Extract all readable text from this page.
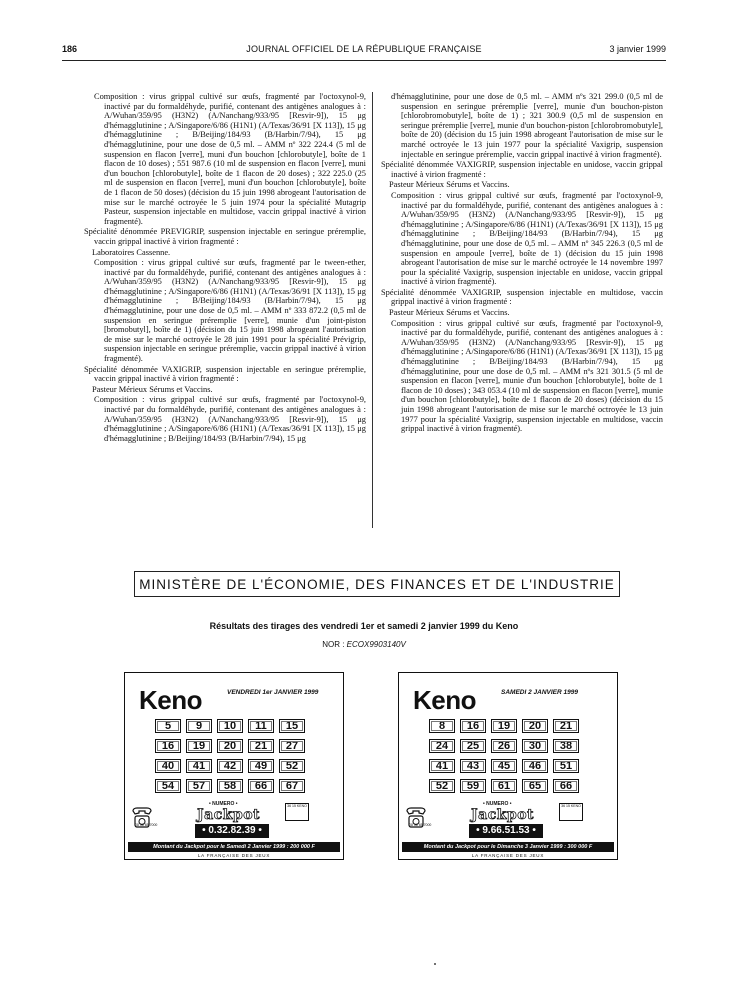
186	JOURNAL OFFICIEL DE LA RÉPUBLIQUE FRANÇAISE	3 janvier 1999

Composition : virus grippal cultivé sur œufs, fragmenté par l'octoxynol-9, inactivé par du formaldéhyde, purifié, contenant des antigènes analogues à : A/Wuhan/359/95 (H3N2) (A/Nanchang/933/95 [Resvir-9]), 15 μg d'hémagglutinine ; A/Singapore/6/86 (H1N1) (A/Texas/36/91 [X 113]), 15 μg d'hémagglutinine ; B/Beijing/184/93 (B/Harbin/7/94), 15 μg d'hémagglutinine, pour une dose de 0,5 ml. – AMM nº 322 224.4 (5 ml de suspension en flacon [verre], muni d'un bouchon [chlorobutyle], boîte de 1 flacon de 10 doses) ; 551 987.6 (10 ml de suspension en flacon [verre], muni d'un bouchon [chlorobutyle], boîte de 1 flacon de 20 doses) ; 322 225.0 (25 ml de suspension en flacon [verre], muni d'un bouchon [chlorobutyle], boîte de 1 flacon de 50 doses) (décision du 15 juin 1998 abrogeant l'autorisation de mise sur le marché octroyée le 5 juin 1974 pour la spécialité Mutagrip Pasteur, suspension injectable en multidose, vaccin grippal inactivé à virion fragmenté).

Spécialité dénommée PREVIGRIP, suspension injectable en seringue préremplie, vaccin grippal inactivé à virion fragmenté :

Laboratoires Cassenne.

Composition : virus grippal cultivé sur œufs, fragmenté par le tween-ether, inactivé par du formaldéhyde, purifié, contenant des antigènes analogues à : A/Wuhan/359/95 (H3N2) (A/Nanchang/933/95 [Resvir-9]), 15 μg d'hémagglutinine ; A/Singapore/6/86 (H1N1) (A/Texas/36/91 [X 113]), 15 μg d'hémagglutinine ; B/Beijing/184/93 (B/Harbin/7/94), 15 μg d'hémagglutinine, pour une dose de 0,5 ml. – AMM nº 333 872.2 (0,5 ml de suspension en seringue préremplie [verre], munie d'un joint-piston [bromobutyl], boîte de 1) (décision du 15 juin 1998 abrogeant l'autorisation de mise sur le marché octroyée le 28 juin 1991 pour la spécialité Prévigrip, suspension injectable en seringue préremplie, vaccin grippal inactivé à virion fragmenté).

Spécialité dénommée VAXIGRIP, suspension injectable en seringue préremplie, vaccin grippal inactivé à virion fragmenté :

Pasteur Mérieux Sérums et Vaccins.

Composition : virus grippal cultivé sur œufs, fragmenté par l'octoxynol-9, inactivé par du formaldéhyde, purifié, contenant des antigènes analogues à : A/Wuhan/359/95 (H3N2) (A/Nanchang/933/95 [Resvir-9]), 15 μg d'hémagglutinine ; A/Singapore/6/86 (H1N1) (A/Texas/36/91 [X 113]), 15 μg d'hémagglutinine ; B/Beijing/184/93 (B/Harbin/7/94), 15 μg

d'hémagglutinine, pour une dose de 0,5 ml. – AMM nºs 321 299.0 (0,5 ml de suspension en seringue préremplie [verre], munie d'un bouchon-piston [chlorobromobutyle], boîte de 1) ; 321 300.9 (0,5 ml de suspension en seringue préremplie [verre], munie d'un bouchon-piston [chlorobromobutyle], boîte de 20) (décision du 15 juin 1998 abrogeant l'autorisation de mise sur le marché octroyée le 13 juin 1977 pour la spécialité Vaxigrip, suspension injectable en seringue préremplie, vaccin grippal inactivé à virion fragmenté).

Spécialité dénommée VAXIGRIP, suspension injectable en unidose, vaccin grippal inactivé à virion fragmenté :

Pasteur Mérieux Sérums et Vaccins.

Composition : virus grippal cultivé sur œufs, fragmenté par l'octoxynol-9, inactivé par du formaldéhyde, purifié, contenant des antigènes analogues à : A/Wuhan/359/95 (H3N2) (A/Nanchang/933/95 [Resvir-9]), 15 μg d'hémagglutinine ; A/Singapore/6/86 (H1N1) (A/Texas/36/91 [X 113]), 15 μg d'hémagglutinine ; B/Beijing/184/93 (B/Harbin/7/94), 15 μg d'hémagglutinine, pour une dose de 0,5 ml. – AMM nº 345 226.3 (0,5 ml de suspension en ampoule [verre], boîte de 1) (décision du 15 juin 1998 abrogeant l'autorisation de mise sur le marché octroyée le 14 novembre 1997 pour la spécialité Vaxigrip, suspension injectable en unidose, vaccin grippal inactivé à virion fragmenté).

Spécialité dénommée VAXIGRIP, suspension injectable en multidose, vaccin grippal inactivé à virion fragmenté :

Pasteur Mérieux Sérums et Vaccins.

Composition : virus grippal cultivé sur œufs, fragmenté par l'octoxynol-9, inactivé par du formaldéhyde, purifié, contenant des antigènes analogues à : A/Wuhan/359/95 (H3N2) (A/Nanchang/933/95 [Resvir-9]), 15 μg d'hémagglutinine ; A/Singapore/6/86 (H1N1) (A/Texas/36/91 [X 113]), 15 μg d'hémagglutinine ; B/Beijing/184/93 (B/Harbin/7/94), 15 μg d'hémagglutinine, pour une dose de 0,5 ml. – AMM nºs 321 301.5 (5 ml de suspension en flacon [verre], munie d'un bouchon [chlorobutyle], boîte de 1 flacon de 10 doses) ; 343 053.4 (10 ml de suspension en flacon [verre], munie d'un bouchon [chlorobutyle], boîte de 1 flacon de 20 doses) (décision du 15 juin 1998 abrogeant l'autorisation de mise sur le marché octroyée le 13 juin 1977 pour la spécialité Vaxigrip, suspension injectable en multidose, vaccin grippal inactivé à virion fragmenté).

MINISTÈRE DE L'ÉCONOMIE, DES FINANCES ET DE L'INDUSTRIE
Résultats des tirages des vendredi 1er et samedi 2 janvier 1999 du Keno
NOR : ECOX9903140V
Keno	VENDREDI 1er JANVIER 1999
5	9	10	11	15
16	19	20	21	27
40	41	42	49	52
54	57	58	66	67
• NUMERO •
Jackpot
36 15 KENO
08 36 65 7000	• 0.32.82.39 •
Montant du Jackpot pour le Samedi 2 Janvier 1999 : 200 000 F
LA FRANÇAISE DES JEUX
Keno	SAMEDI 2 JANVIER 1999
8	16	19	20	21
24	25	26	30	38
41	43	45	46	51
52	59	61	65	66
• NUMERO •
Jackpot
36 15 KENO
08 36 65 7000	• 9.66.51.53 •
Montant du Jackpot pour le Dimanche 3 Janvier 1999 : 300 000 F
LA FRANÇAISE DES JEUX
